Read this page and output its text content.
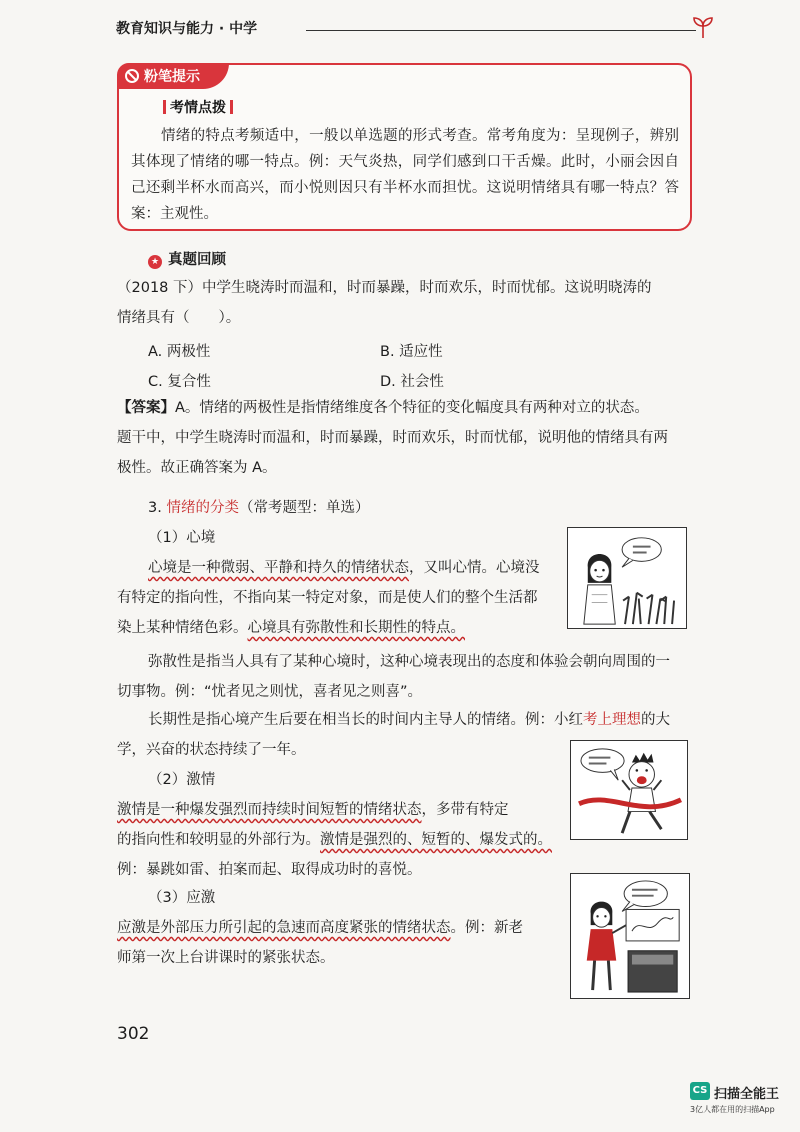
教育知识与能力 · 中学
粉笔提示
考情点拨
情绪的特点考频适中，一般以单选题的形式考查。常考角度为：呈现例子，辨别其体现了情绪的哪一特点。例：天气炎热，同学们感到口干舌燥。此时，小丽会因自己还剩半杯水而高兴，而小悦则因只有半杯水而担忧。这说明情绪具有哪一特点？答案：主观性。
★ 真题回顾
（2018 下）中学生晓涛时而温和，时而暴躁，时而欢乐，时而忧郁。这说明晓涛的
情绪具有（　　）。
A. 两极性	B. 适应性
C. 复合性	D. 社会性
【答案】A。情绪的两极性是指情绪维度各个特征的变化幅度具有两种对立的状态。
题干中，中学生晓涛时而温和，时而暴躁，时而欢乐，时而忧郁，说明他的情绪具有两
极性。故正确答案为 A。
3. 情绪的分类（常考题型：单选）
（1）心境
心境是一种微弱、平静和持久的情绪状态，又叫心情。心境没
有特定的指向性，不指向某一特定对象，而是使人们的整个生活都
染上某种情绪色彩。心境具有弥散性和长期性的特点。
弥散性是指当人具有了某种心境时，这种心境表现出的态度和体验会朝向周围的一
切事物。例：“忧者见之则忧，喜者见之则喜”。
长期性是指心境产生后要在相当长的时间内主导人的情绪。例：小红考上理想的大
学，兴奋的状态持续了一年。
（2）激情
激情是一种爆发强烈而持续时间短暂的情绪状态，多带有特定
的指向性和较明显的外部行为。激情是强烈的、短暂的、爆发式的。
例：暴跳如雷、拍案而起、取得成功时的喜悦。
（3）应激
应激是外部压力所引起的急速而高度紧张的情绪状态。例：新老
师第一次上台讲课时的紧张状态。
302
CS 扫描全能王
3亿人都在用的扫描App
